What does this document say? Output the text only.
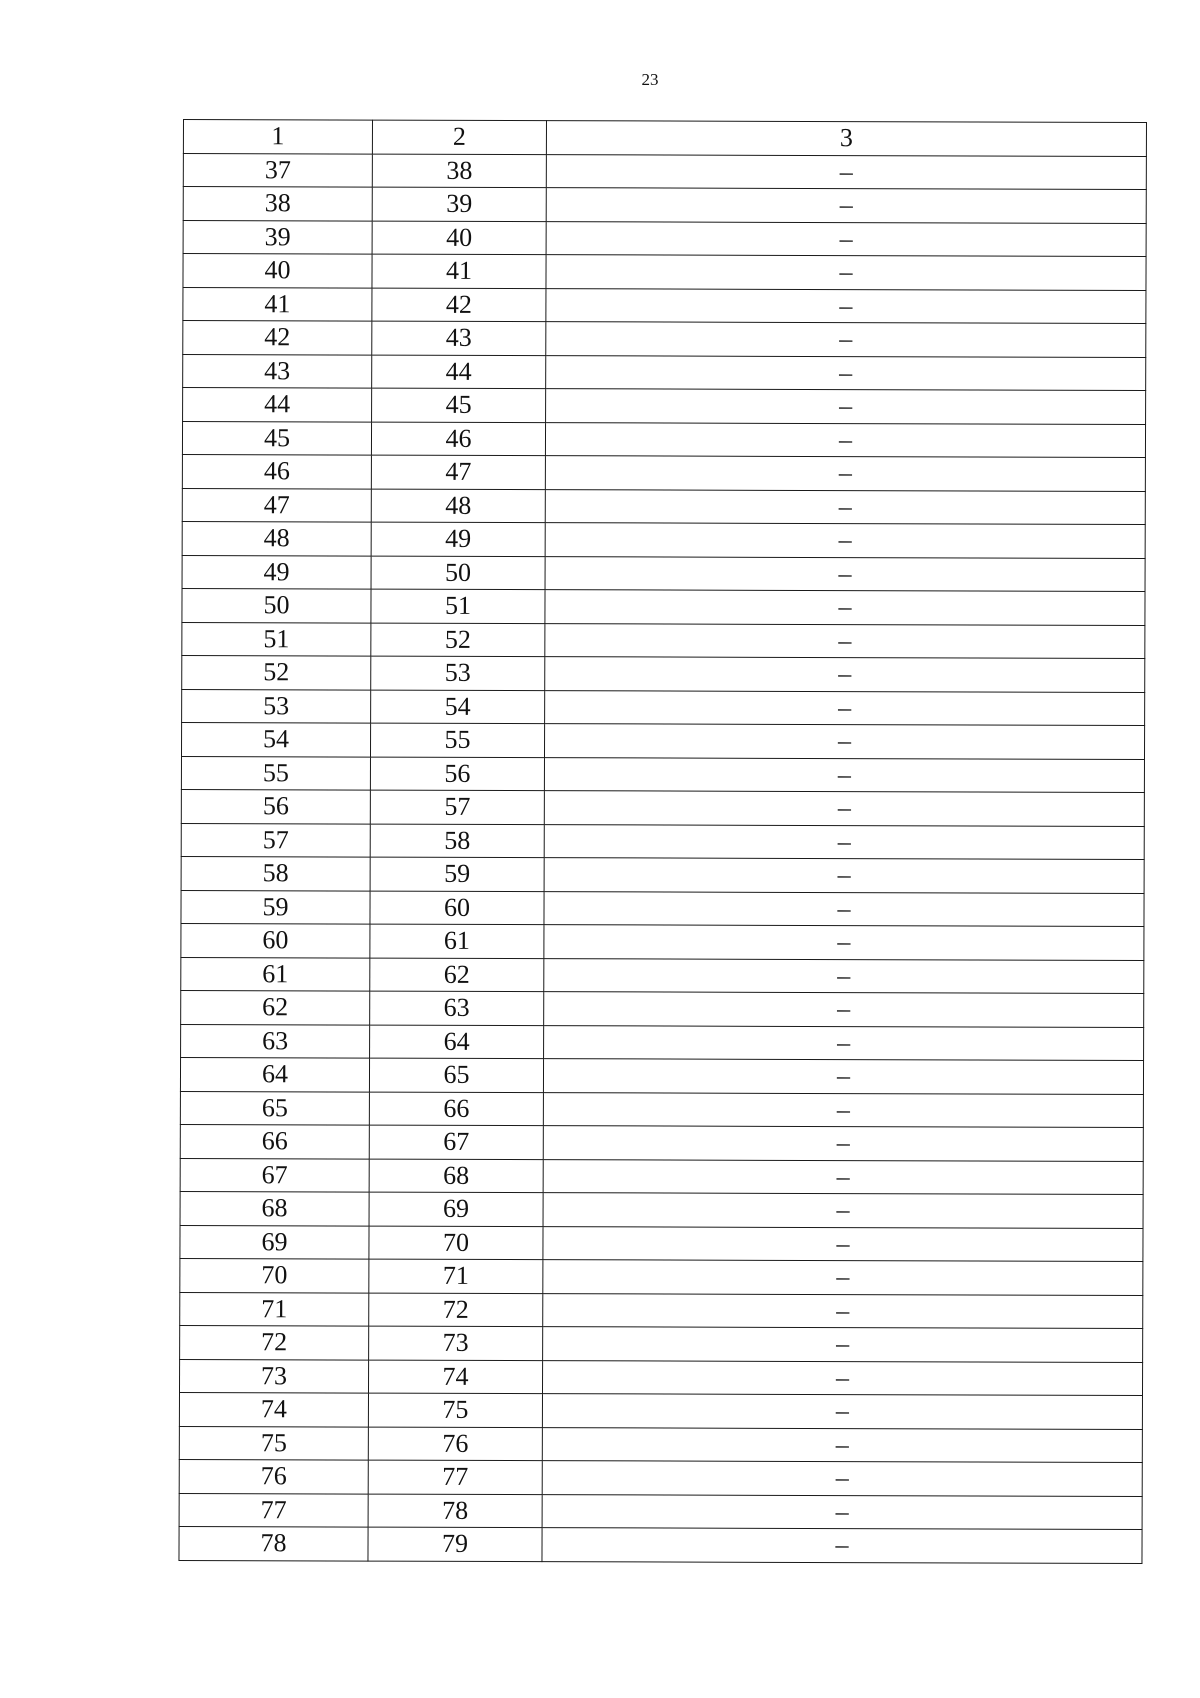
23
1	2	3
37	38	–
38	39	–
39	40	–
40	41	–
41	42	–
42	43	–
43	44	–
44	45	–
45	46	–
46	47	–
47	48	–
48	49	–
49	50	–
50	51	–
51	52	–
52	53	–
53	54	–
54	55	–
55	56	–
56	57	–
57	58	–
58	59	–
59	60	–
60	61	–
61	62	–
62	63	–
63	64	–
64	65	–
65	66	–
66	67	–
67	68	–
68	69	–
69	70	–
70	71	–
71	72	–
72	73	–
73	74	–
74	75	–
75	76	–
76	77	–
77	78	–
78	79	–
